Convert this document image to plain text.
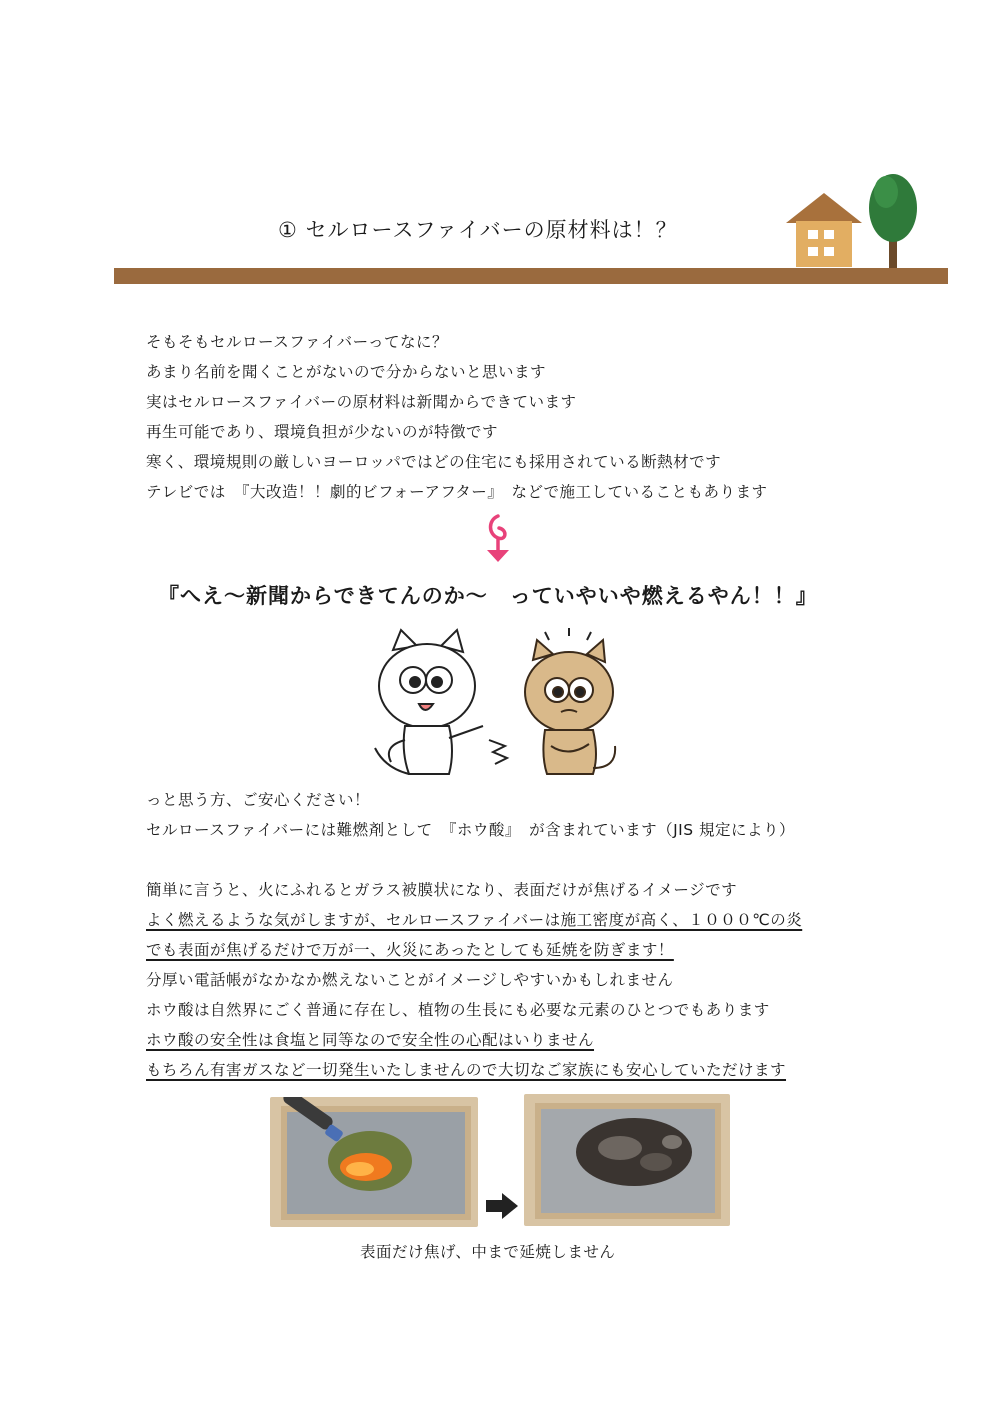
① セルロースファイバーの原材料は！？
そもそもセルロースファイバーってなに？
あまり名前を聞くことがないので分からないと思います
実はセルロースファイバーの原材料は新聞からできています
再生可能であり、環境負担が少ないのが特徴です
寒く、環境規則の厳しいヨーロッパではどの住宅にも採用されている断熱材です
テレビでは　『大改造！！劇的ビフォーアフター』　などで施工していることもあります
『へえ～新聞からできてんのか～　っていやいや燃えるやん！！』
っと思う方、ご安心ください！
セルロースファイバーには難燃剤として　『ホウ酸』　が含まれています（JIS 規定により）
簡単に言うと、火にふれるとガラス被膜状になり、表面だけが焦げるイメージです
よく燃えるような気がしますが、セルロースファイバーは施工密度が高く、１０００℃の炎
でも表面が焦げるだけで万が一、火災にあったとしても延焼を防ぎます！
分厚い電話帳がなかなか燃えないことがイメージしやすいかもしれません
ホウ酸は自然界にごく普通に存在し、植物の生長にも必要な元素のひとつでもあります
ホウ酸の安全性は食塩と同等なので安全性の心配はいりません
もちろん有害ガスなど一切発生いたしませんので大切なご家族にも安心していただけます
表面だけ焦げ、中まで延焼しません
